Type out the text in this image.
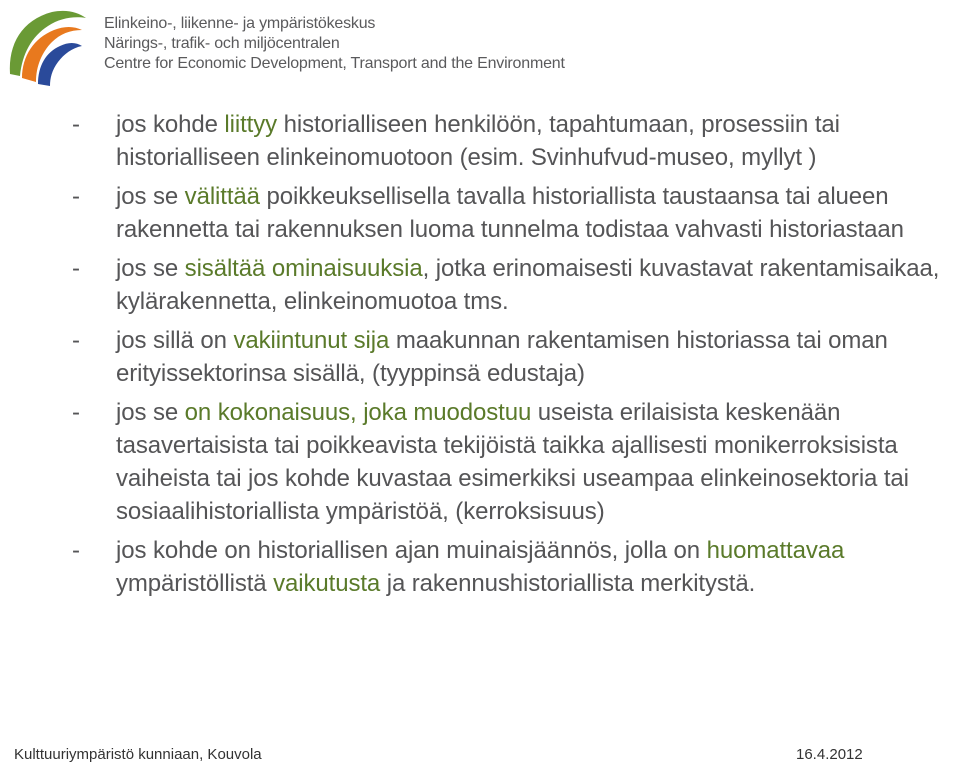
Elinkeino-, liikenne- ja ympäristökeskus
Närings-, trafik- och miljöcentralen
Centre for Economic Development, Transport and the Environment
- jos kohde liittyy historialliseen henkilöön, tapahtumaan, prosessiin tai historialliseen elinkeinomuotoon (esim. Svinhufvud-museo, myllyt )
- jos se välittää poikkeuksellisella tavalla historiallista taustaansa tai alueen rakennetta tai rakennuksen luoma tunnelma todistaa vahvasti historiastaan
- jos se sisältää ominaisuuksia, jotka erinomaisesti kuvastavat rakentamisaikaa, kylärakennetta, elinkeinomuotoa tms.
- jos sillä on vakiintunut sija maakunnan rakentamisen historiassa tai oman erityissektorinsa sisällä, (tyyppinsä edustaja)
- jos se on kokonaisuus, joka muodostuu useista erilaisista keskenään tasavertaisista tai poikkeavista tekijöistä taikka ajallisesti monikerroksisista vaiheista tai jos kohde kuvastaa esimerkiksi useampaa elinkeinosektoria tai sosiaalihistoriallista ympäristöä, (kerroksisuus)
- jos kohde on historiallisen ajan muinaisjäännös, jolla on huomattavaa ympäristöllistä vaikutusta ja rakennushistoriallista merkitystä.
Kulttuuriympäristö kunniaan, Kouvola	16.4.2012
